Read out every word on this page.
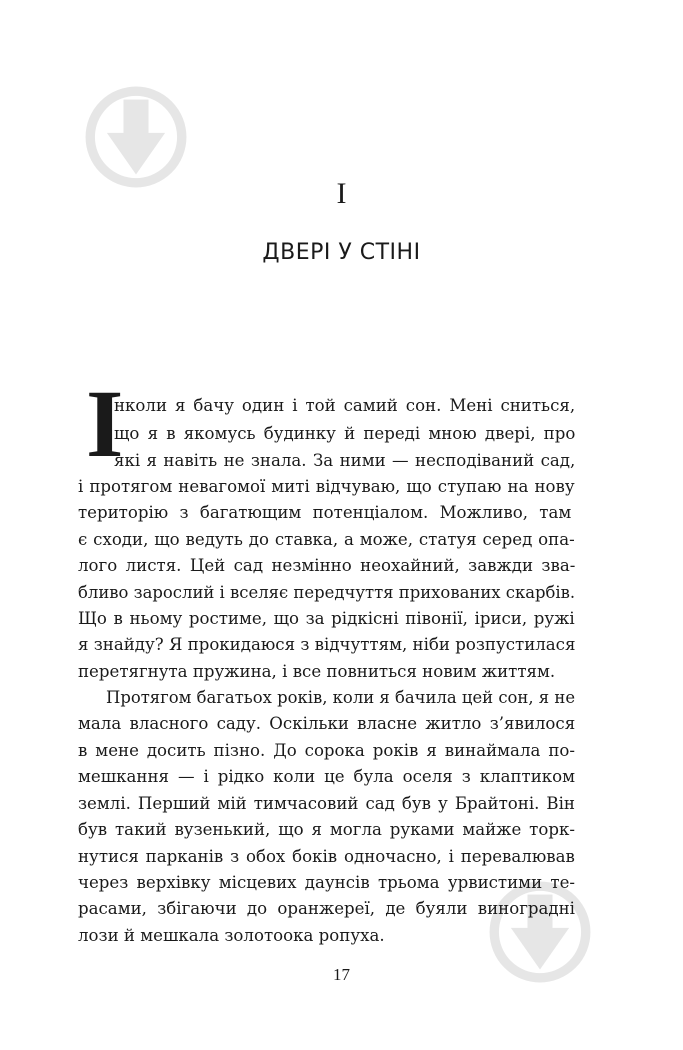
I
ДВЕРІ У СТІНІ
І
нколи я бачу один і той самий сон. Мені сниться,
що я в якомусь будинку й переді мною двері, про
які я навіть не знала. За ними — несподіваний сад,
і протягом невагомої миті відчуваю, що ступаю на нову
територію з багатющим потенціалом. Можливо, там
є сходи, що ведуть до ставка, а може, статуя серед опа-
лого листя. Цей сад незмінно неохайний, завжди зва-
бливо зарослий і вселяє передчуття прихованих скарбів.
Що в ньому ростиме, що за рідкісні півонії, іриси, ружі
я знайду? Я прокидаюся з відчуттям, ніби розпустилася
перетягнута пружина, і все повниться новим життям.
Протягом багатьох років, коли я бачила цей сон, я не
мала власного саду. Оскільки власне житло з’явилося
в мене досить пізно. До сорока років я винаймала по-
мешкання — і рідко коли це була оселя з клаптиком
землі. Перший мій тимчасовий сад був у Брайтоні. Він
був такий вузенький, що я могла руками майже торк-
нутися парканів з обох боків одночасно, і перевалював
через верхівку місцевих даунсів трьома урвистими те-
расами, збігаючи до оранжереї, де буяли виноградні
лози й мешкала золотоока ропуха.
17
